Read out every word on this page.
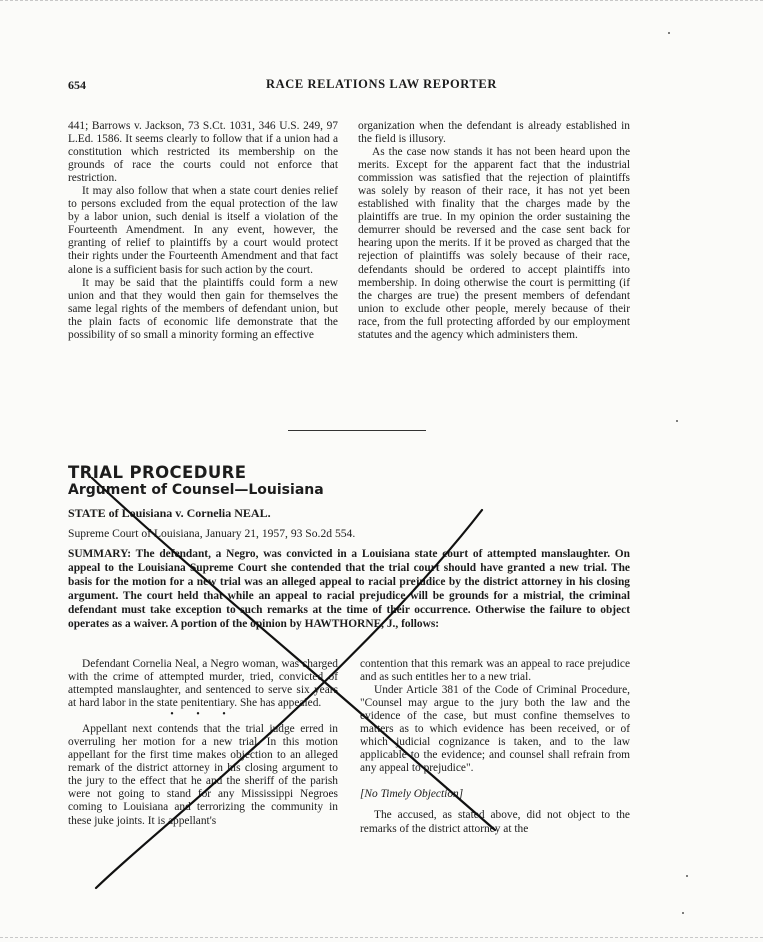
654	RACE RELATIONS LAW REPORTER

441; Barrows v. Jackson, 73 S.Ct. 1031, 346 U.S. 249, 97 L.Ed. 1586. It seems clearly to follow that if a union had a constitution which restricted its membership on the grounds of race the courts could not enforce that restriction.

It may also follow that when a state court denies relief to persons excluded from the equal protection of the law by a labor union, such denial is itself a violation of the Fourteenth Amendment. In any event, however, the granting of relief to plaintiffs by a court would protect their rights under the Fourteenth Amendment and that fact alone is a sufficient basis for such action by the court.

It may be said that the plaintiffs could form a new union and that they would then gain for themselves the same legal rights of the members of defendant union, but the plain facts of economic life demonstrate that the possibility of so small a minority forming an effective

organization when the defendant is already established in the field is illusory.

As the case now stands it has not been heard upon the merits. Except for the apparent fact that the industrial commission was satisfied that the rejection of plaintiffs was solely by reason of their race, it has not yet been established with finality that the charges made by the plaintiffs are true. In my opinion the order sustaining the demurrer should be reversed and the case sent back for hearing upon the merits. If it be proved as charged that the rejection of plaintiffs was solely because of their race, defendants should be ordered to accept plaintiffs into membership. In doing otherwise the court is permitting (if the charges are true) the present members of defendant union to exclude other people, merely because of their race, from the full protecting afforded by our employment statutes and the agency which administers them.

TRIAL PROCEDURE
Argument of Counsel—Louisiana
STATE of Louisiana v. Cornelia NEAL.
Supreme Court of Louisiana, January 21, 1957, 93 So.2d 554.
SUMMARY: The defendant, a Negro, was convicted in a Louisiana state court of attempted manslaughter. On appeal to the Louisiana Supreme Court she contended that the trial court should have granted a new trial. The basis for the motion for a new trial was an alleged appeal to racial prejudice by the district attorney in his closing argument. The court held that while an appeal to racial prejudice will be grounds for a mistrial, the criminal defendant must take exception to such remarks at the time of their occurrence. Otherwise the failure to object operates as a waiver. A portion of the opinion by HAWTHORNE, J., follows:

Defendant Cornelia Neal, a Negro woman, was charged with the crime of attempted murder, tried, convicted of attempted manslaughter, and sentenced to serve six years at hard labor in the state penitentiary. She has appealed.

• • •

Appellant next contends that the trial judge erred in overruling her motion for a new trial. In this motion appellant for the first time makes objection to an alleged remark of the district attorney in his closing argument to the jury to the effect that he and the sheriff of the parish were not going to stand for any Mississippi Negroes coming to Louisiana and terrorizing the community in these juke joints. It is appellant's

contention that this remark was an appeal to race prejudice and as such entitles her to a new trial.

Under Article 381 of the Code of Criminal Procedure, "Counsel may argue to the jury both the law and the evidence of the case, but must confine themselves to matters as to which evidence has been received, or of which judicial cognizance is taken, and to the law applicable to the evidence; and counsel shall refrain from any appeal to prejudice".

[No Timely Objection]

The accused, as stated above, did not object to the remarks of the district attorney at the
